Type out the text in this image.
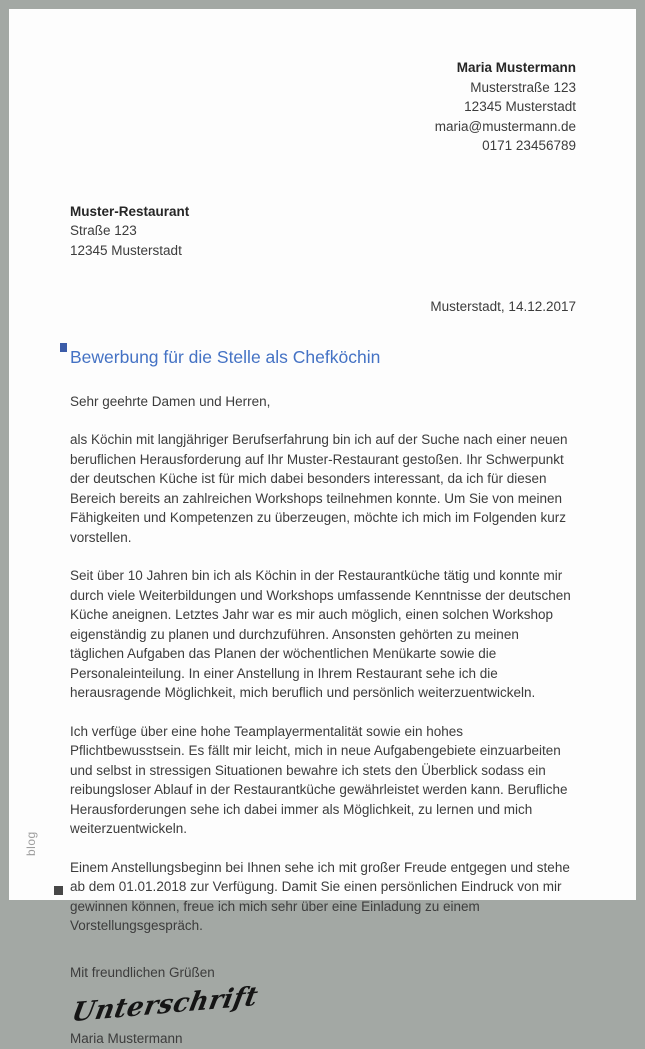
Maria Mustermann
Musterstraße 123
12345 Musterstadt
maria@mustermann.de
0171 23456789
Muster-Restaurant
Straße 123
12345 Musterstadt
Musterstadt, 14.12.2017
Bewerbung für die Stelle als Chefköchin
Sehr geehrte Damen und Herren,

als Köchin mit langjähriger Berufserfahrung bin ich auf der Suche nach einer neuen beruflichen Herausforderung auf Ihr Muster-Restaurant gestoßen. Ihr Schwerpunkt der deutschen Küche ist für mich dabei besonders interessant, da ich für diesen Bereich bereits an zahlreichen Workshops teilnehmen konnte. Um Sie von meinen Fähigkeiten und Kompetenzen zu überzeugen, möchte ich mich im Folgenden kurz vorstellen.

Seit über 10 Jahren bin ich als Köchin in der Restaurantküche tätig und konnte mir durch viele Weiterbildungen und Workshops umfassende Kenntnisse der deutschen Küche aneignen. Letztes Jahr war es mir auch möglich, einen solchen Workshop eigenständig zu planen und durchzuführen. Ansonsten gehörten zu meinen täglichen Aufgaben das Planen der wöchentlichen Menükarte sowie die Personaleinteilung. In einer Anstellung in Ihrem Restaurant sehe ich die herausragende Möglichkeit, mich beruflich und persönlich weiterzuentwickeln.

Ich verfüge über eine hohe Teamplayermentalität sowie ein hohes Pflichtbewusstsein. Es fällt mir leicht, mich in neue Aufgabengebiete einzuarbeiten und selbst in stressigen Situationen bewahre ich stets den Überblick sodass ein reibungsloser Ablauf in der Restaurantküche gewährleistet werden kann. Berufliche Herausforderungen sehe ich dabei immer als Möglichkeit, zu lernen und mich weiterzuentwickeln.

Einem Anstellungsbeginn bei Ihnen sehe ich mit großer Freude entgegen und stehe ab dem 01.01.2018 zur Verfügung. Damit Sie einen persönlichen Eindruck von mir gewinnen können, freue ich mich sehr über eine Einladung zu einem Vorstellungsgespräch.

Mit freundlichen Grüßen
Unterschrift
Maria Mustermann
blog
